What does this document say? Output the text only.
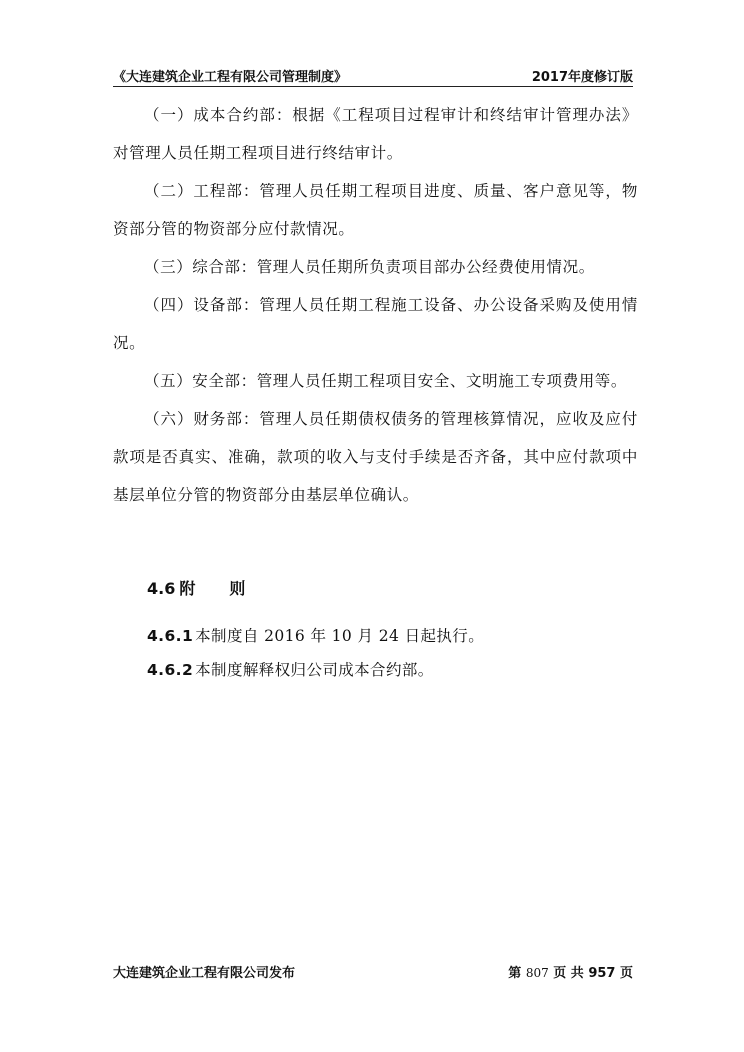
《大连建筑企业工程有限公司管理制度》	2017年度修订版

（一）成本合约部：根据《工程项目过程审计和终结审计管理办法》对管理人员任期工程项目进行终结审计。

（二）工程部：管理人员任期工程项目进度、质量、客户意见等，物资部分管的物资部分应付款情况。

（三）综合部：管理人员任期所负责项目部办公经费使用情况。

（四）设备部：管理人员任期工程施工设备、办公设备采购及使用情况。

（五）安全部：管理人员任期工程项目安全、文明施工专项费用等。

（六）财务部：管理人员任期债权债务的管理核算情况，应收及应付款项是否真实、准确，款项的收入与支付手续是否齐备，其中应付款项中基层单位分管的物资部分由基层单位确认。

4.6 附则
4.6.1 本制度自 2016 年 10 月 24 日起执行。
4.6.2 本制度解释权归公司成本合约部。
大连建筑企业工程有限公司发布	第 807 页 共 957 页
